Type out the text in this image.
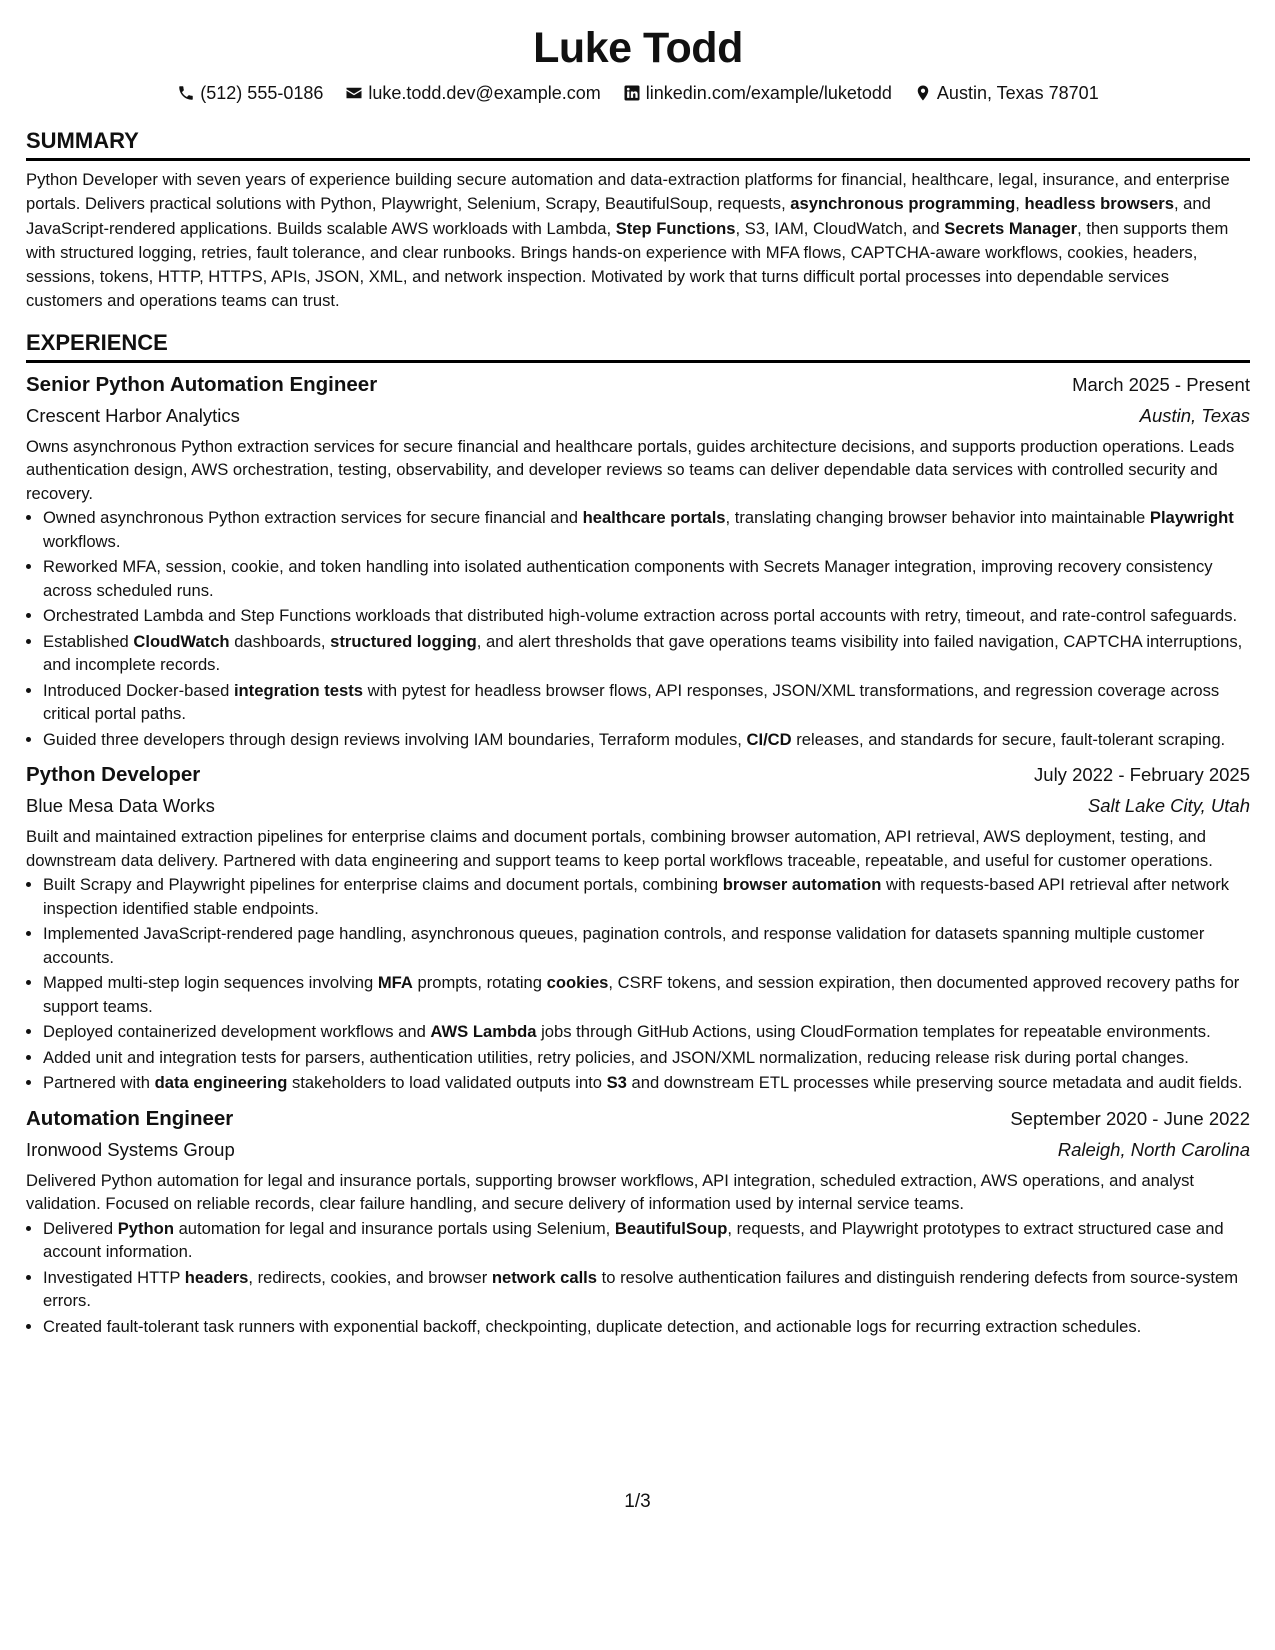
Luke Todd
(512) 555-0186	luke.todd.dev@example.com	linkedin.com/example/luketodd	Austin, Texas 78701
SUMMARY

Python Developer with seven years of experience building secure automation and data-extraction platforms for financial, healthcare, legal, insurance, and enterprise portals. Delivers practical solutions with Python, Playwright, Selenium, Scrapy, BeautifulSoup, requests, asynchronous programming, headless browsers, and JavaScript-rendered applications. Builds scalable AWS workloads with Lambda, Step Functions, S3, IAM, CloudWatch, and Secrets Manager, then supports them with structured logging, retries, fault tolerance, and clear runbooks. Brings hands-on experience with MFA flows, CAPTCHA-aware workflows, cookies, headers, sessions, tokens, HTTP, HTTPS, APIs, JSON, XML, and network inspection. Motivated by work that turns difficult portal processes into dependable services customers and operations teams can trust.

EXPERIENCE
Senior Python Automation Engineer	March 2025 - Present
Crescent Harbor Analytics	Austin, Texas
Owns asynchronous Python extraction services for secure financial and healthcare portals, guides architecture decisions, and supports production operations. Leads authentication design, AWS orchestration, testing, observability, and developer reviews so teams can deliver dependable data services with controlled security and recovery.
• Owned asynchronous Python extraction services for secure financial and healthcare portals, translating changing browser behavior into maintainable Playwright workflows.
• Reworked MFA, session, cookie, and token handling into isolated authentication components with Secrets Manager integration, improving recovery consistency across scheduled runs.
• Orchestrated Lambda and Step Functions workloads that distributed high-volume extraction across portal accounts with retry, timeout, and rate-control safeguards.
• Established CloudWatch dashboards, structured logging, and alert thresholds that gave operations teams visibility into failed navigation, CAPTCHA interruptions, and incomplete records.
• Introduced Docker-based integration tests with pytest for headless browser flows, API responses, JSON/XML transformations, and regression coverage across critical portal paths.
• Guided three developers through design reviews involving IAM boundaries, Terraform modules, CI/CD releases, and standards for secure, fault-tolerant scraping.
Python Developer	July 2022 - February 2025
Blue Mesa Data Works	Salt Lake City, Utah
Built and maintained extraction pipelines for enterprise claims and document portals, combining browser automation, API retrieval, AWS deployment, testing, and downstream data delivery. Partnered with data engineering and support teams to keep portal workflows traceable, repeatable, and useful for customer operations.
• Built Scrapy and Playwright pipelines for enterprise claims and document portals, combining browser automation with requests-based API retrieval after network inspection identified stable endpoints.
• Implemented JavaScript-rendered page handling, asynchronous queues, pagination controls, and response validation for datasets spanning multiple customer accounts.
• Mapped multi-step login sequences involving MFA prompts, rotating cookies, CSRF tokens, and session expiration, then documented approved recovery paths for support teams.
• Deployed containerized development workflows and AWS Lambda jobs through GitHub Actions, using CloudFormation templates for repeatable environments.
• Added unit and integration tests for parsers, authentication utilities, retry policies, and JSON/XML normalization, reducing release risk during portal changes.
• Partnered with data engineering stakeholders to load validated outputs into S3 and downstream ETL processes while preserving source metadata and audit fields.
Automation Engineer	September 2020 - June 2022
Ironwood Systems Group	Raleigh, North Carolina
Delivered Python automation for legal and insurance portals, supporting browser workflows, API integration, scheduled extraction, AWS operations, and analyst validation. Focused on reliable records, clear failure handling, and secure delivery of information used by internal service teams.
• Delivered Python automation for legal and insurance portals using Selenium, BeautifulSoup, requests, and Playwright prototypes to extract structured case and account information.
• Investigated HTTP headers, redirects, cookies, and browser network calls to resolve authentication failures and distinguish rendering defects from source-system errors.
• Created fault-tolerant task runners with exponential backoff, checkpointing, duplicate detection, and actionable logs for recurring extraction schedules.
1/3
